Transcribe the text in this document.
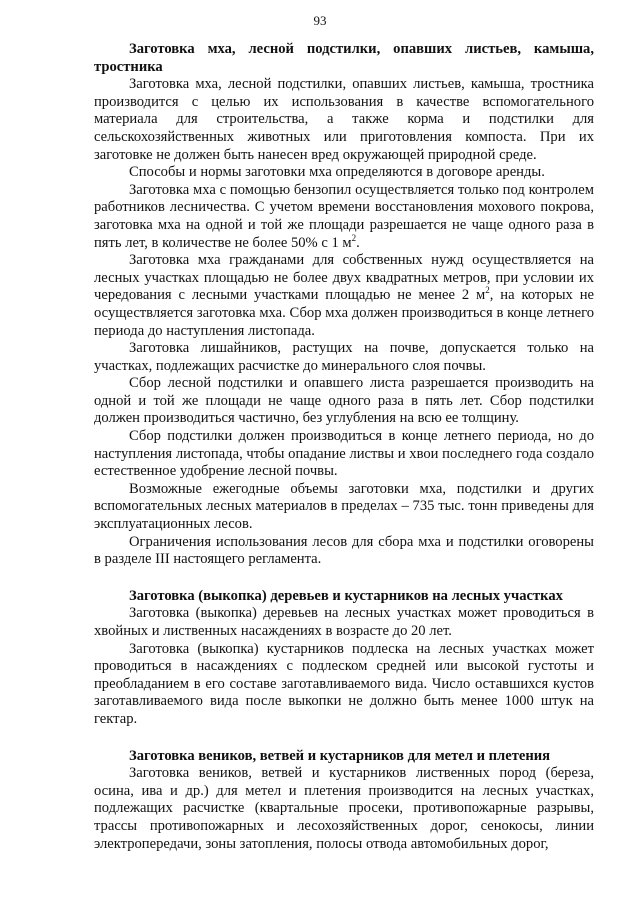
93

Заготовка мха, лесной подстилки, опавших листьев, камыша, тростника

Заготовка мха, лесной подстилки, опавших листьев, камыша, тростника производится с целью их использования в качестве вспомогательного материала для строительства, а также корма и подстилки для сельскохозяйственных животных или приготовления компоста. При их заготовке не должен быть нанесен вред окружающей природной среде.

Способы и нормы заготовки мха определяются в договоре аренды.

Заготовка мха с помощью бензопил осуществляется только под контролем работников лесничества. С учетом времени восстановления мохового покрова, заготовка мха на одной и той же площади разрешается не чаще одного раза в пять лет, в количестве не более 50% с 1 $м^2$.

Заготовка мха гражданами для собственных нужд осуществляется на лесных участках площадью не более двух квадратных метров, при условии их чередования с лесными участками площадью не менее 2 $м^2$, на которых не осуществляется заготовка мха. Сбор мха должен производиться в конце летнего периода до наступления листопада.

Заготовка лишайников, растущих на почве, допускается только на участках, подлежащих расчистке до минерального слоя почвы.

Сбор лесной подстилки и опавшего листа разрешается производить на одной и той же площади не чаще одного раза в пять лет. Сбор подстилки должен производиться частично, без углубления на всю ее толщину.

Сбор подстилки должен производиться в конце летнего периода, но до наступления листопада, чтобы опадание листвы и хвои последнего года создало естественное удобрение лесной почвы.

Возможные ежегодные объемы заготовки мха, подстилки и других вспомогательных лесных материалов в пределах – 735 тыс. тонн приведены для эксплуатационных лесов.

Ограничения использования лесов для сбора мха и подстилки оговорены в разделе III настоящего регламента.

Заготовка (выкопка) деревьев и кустарников на лесных участках

Заготовка (выкопка) деревьев на лесных участках может проводиться в хвойных и лиственных насаждениях в возрасте до 20 лет.

Заготовка (выкопка) кустарников подлеска на лесных участках может проводиться в насаждениях с подлеском средней или высокой густоты и преобладанием в его составе заготавливаемого вида. Число оставшихся кустов заготавливаемого вида после выкопки не должно быть менее 1000 штук на гектар.

Заготовка веников, ветвей и кустарников для метел и плетения

Заготовка веников, ветвей и кустарников лиственных пород (береза, осина, ива и др.) для метел и плетения производится на лесных участках, подлежащих расчистке (квартальные просеки, противопожарные разрывы, трассы противопожарных и лесохозяйственных дорог, сенокосы, линии электропередачи, зоны затопления, полосы отвода автомобильных дорог,
